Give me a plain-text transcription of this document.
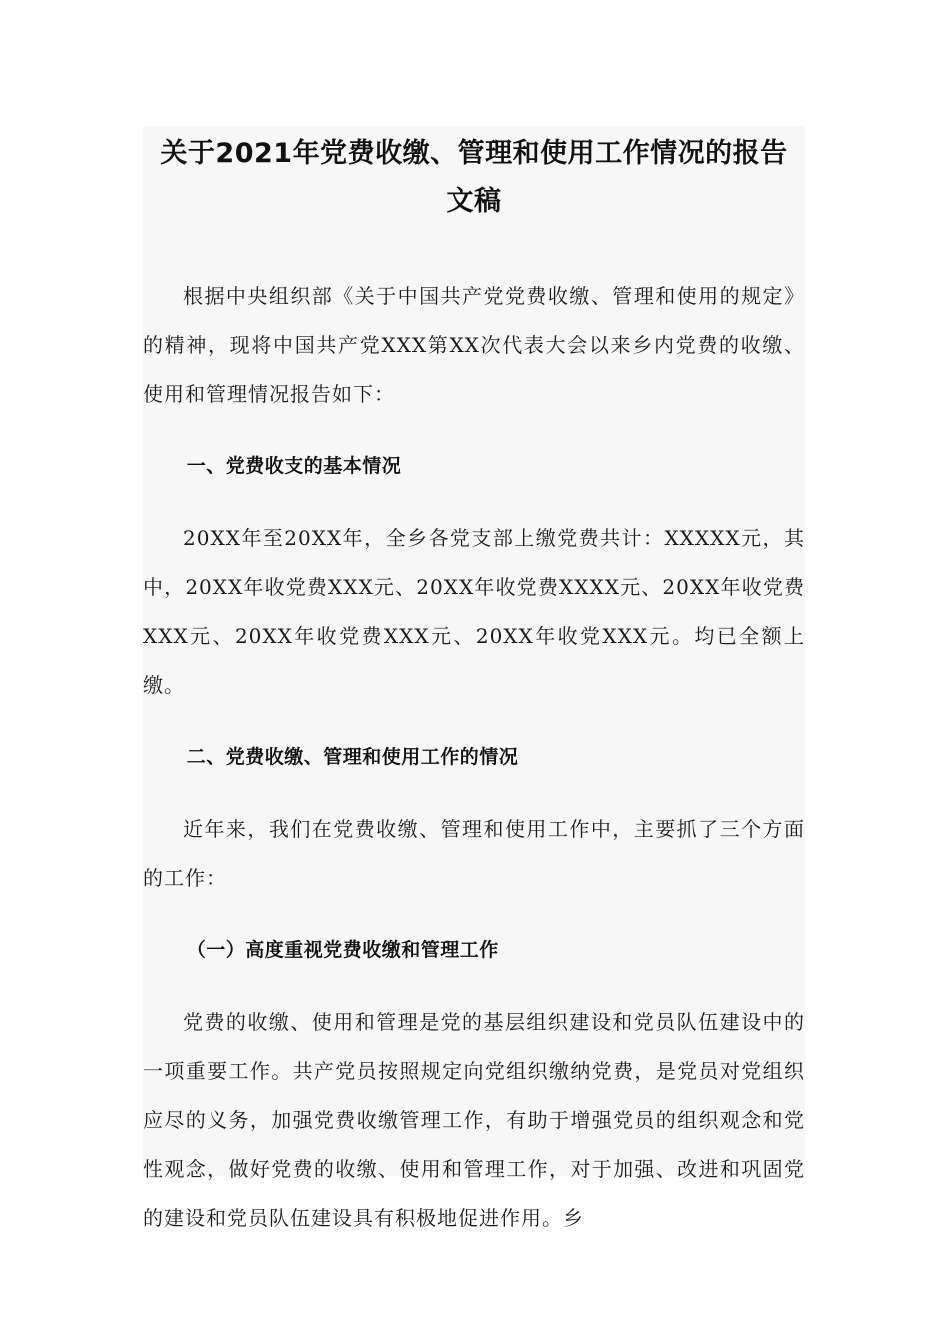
关于2021年党费收缴、管理和使用工作情况的报告
文稿

根据中央组织部《关于中国共产党党费收缴、管理和使用的规定》的精神，现将中国共产党XXX第XX次代表大会以来乡内党费的收缴、使用和管理情况报告如下：

一、党费收支的基本情况

20XX年至20XX年，全乡各党支部上缴党费共计：XXXXX元，其中，20XX年收党费XXX元、20XX年收党费XXXX元、20XX年收党费XXX元、20XX年收党费XXX元、20XX年收党XXX元。均已全额上缴。

二、党费收缴、管理和使用工作的情况

近年来，我们在党费收缴、管理和使用工作中，主要抓了三个方面的工作：

（一）高度重视党费收缴和管理工作

党费的收缴、使用和管理是党的基层组织建设和党员队伍建设中的一项重要工作。共产党员按照规定向党组织缴纳党费，是党员对党组织应尽的义务，加强党费收缴管理工作，有助于增强党员的组织观念和党性观念，做好党费的收缴、使用和管理工作，对于加强、改进和巩固党的建设和党员队伍建设具有积极地促进作用。乡
